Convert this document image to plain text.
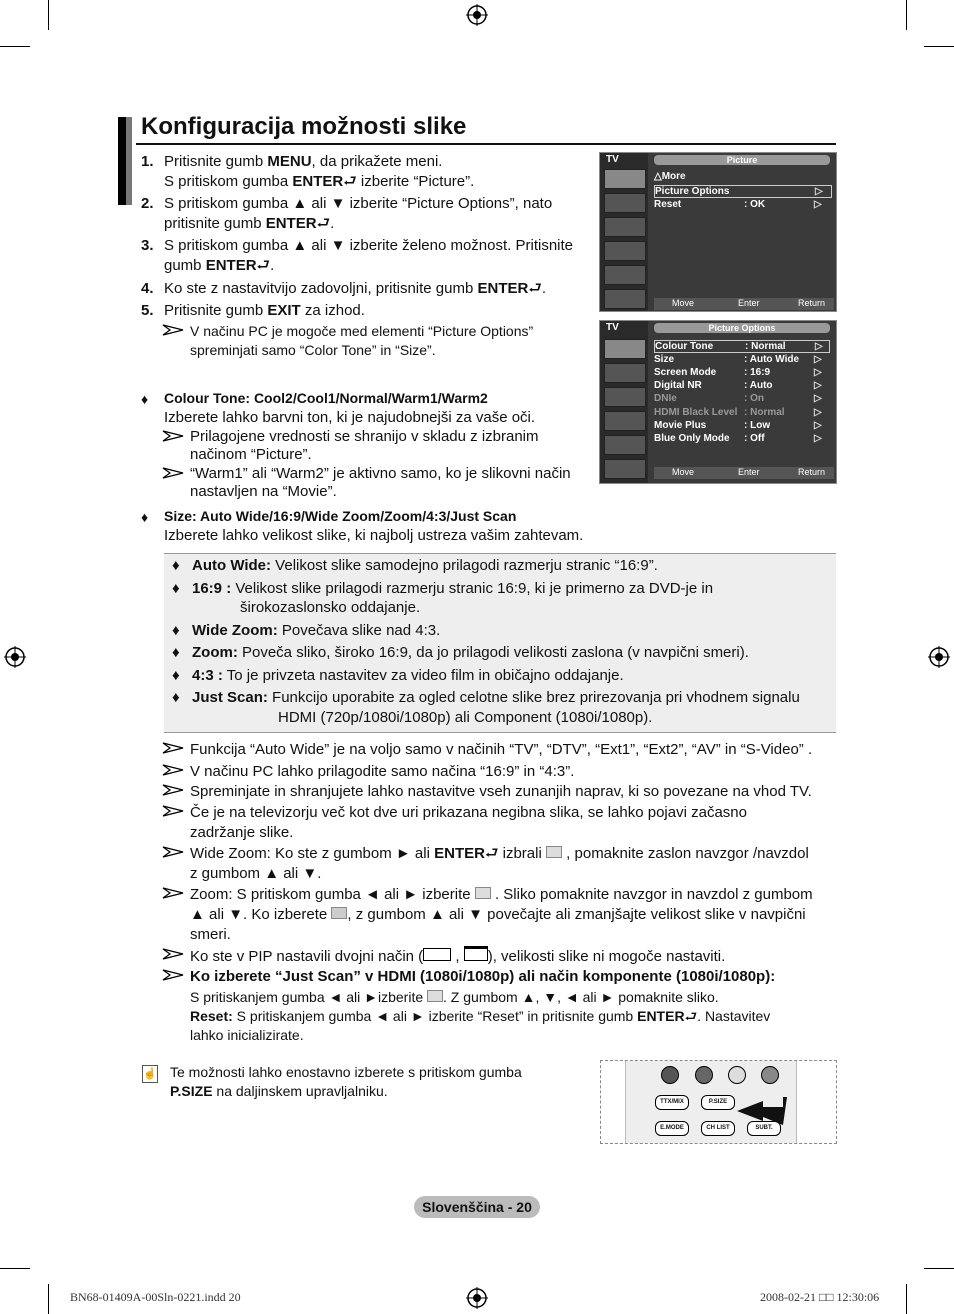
Konfiguracija možnosti slike
1. Pritisnite gumb MENU, da prikažete meni.
S pritiskom gumba ENTER⮐ izberite “Picture”.
2. S pritiskom gumba ▲ ali ▼ izberite “Picture Options”, nato
pritisnite gumb ENTER⮐.
3. S pritiskom gumba ▲ ali ▼ izberite želeno možnost. Pritisnite
gumb ENTER⮐.
4. Ko ste z nastavitvijo zadovoljni, pritisnite gumb ENTER⮐.
5. Pritisnite gumb EXIT za izhod.
V načinu PC je mogoče med elementi “Picture Options”
spreminjati samo “Color Tone” in “Size”.
♦ Colour Tone: Cool2/Cool1/Normal/Warm1/Warm2
Izberete lahko barvni ton, ki je najudobnejši za vaše oči.
Prilagojene vrednosti se shranijo v skladu z izbranim
načinom “Picture”.
“Warm1” ali “Warm2” je aktivno samo, ko je slikovni način
nastavljen na “Movie”.
♦ Size: Auto Wide/16:9/Wide Zoom/Zoom/4:3/Just Scan
Izberete lahko velikost slike, ki najbolj ustreza vašim zahtevam.
♦ Auto Wide: Velikost slike samodejno prilagodi razmerju stranic “16:9”.
♦ 16:9 : Velikost slike prilagodi razmerju stranic 16:9, ki je primerno za DVD-je in
širokozaslonsko oddajanje.
♦ Wide Zoom: Povečava slike nad 4:3.
♦ Zoom: Poveča sliko, široko 16:9, da jo prilagodi velikosti zaslona (v navpični smeri).
♦ 4:3 : To je privzeta nastavitev za video film in običajno oddajanje.
♦ Just Scan: Funkcijo uporabite za ogled celotne slike brez prirezovanja pri vhodnem signalu
HDMI (720p/1080i/1080p) ali Component (1080i/1080p).
Funkcija “Auto Wide” je na voljo samo v načinih “TV”, “DTV”, “Ext1”, “Ext2”, “AV” in “S-Video” .
V načinu PC lahko prilagodite samo načina “16:9” in “4:3”.
Spreminjate in shranjujete lahko nastavitve vseh zunanjih naprav, ki so povezane na vhod TV.
Če je na televizorju več kot dve uri prikazana negibna slika, se lahko pojavi začasno
zadržanje slike.
Wide Zoom: Ko ste z gumbom ► ali ENTER⮐ izbrali , pomaknite zaslon navzgor /navzdol
z gumbom ▲ ali ▼.
Zoom: S pritiskom gumba ◄ ali ► izberite . Sliko pomaknite navzgor in navzdol z gumbom
▲ ali ▼. Ko izberete , z gumbom ▲ ali ▼ povečajte ali zmanjšajte velikost slike v navpični
smeri.
Ko ste v PIP nastavili dvojni način ( , ), velikosti slike ni mogoče nastaviti.
Ko izberete “Just Scan” v HDMI (1080i/1080p) ali način komponente (1080i/1080p):
S pritiskanjem gumba ◄ ali ►izberite . Z gumbom ▲, ▼, ◄ ali ► pomaknite sliko.
Reset: S pritiskanjem gumba ◄ ali ► izberite “Reset” in pritisnite gumb ENTER⮐. Nastavitev
lahko inicializirate.
☝ Te možnosti lahko enostavno izberete s pritiskom gumba
P.SIZE na daljinskem upravljalniku.
TTX/MIX	P.SIZE
E.MODE	CH LIST	SUBT.
TV	Picture
△More
Picture Options	▷
Reset	: OK	▷
Move	Enter	Return
TV	Picture Options
Colour Tone	: Normal	▷
Size	: Auto Wide ▷
Screen Mode	: 16:9	▷
Digital NR	: Auto	▷
DNIe	: On	▷
HDMI Black Level : Normal	▷
Movie Plus	: Low	▷
Blue Only Mode : Off	▷
Move	Enter	Return
Slovenščina - 20
BN68-01409A-00Sln-0221.indd 20	2008-02-21 □□ 12:30:06
